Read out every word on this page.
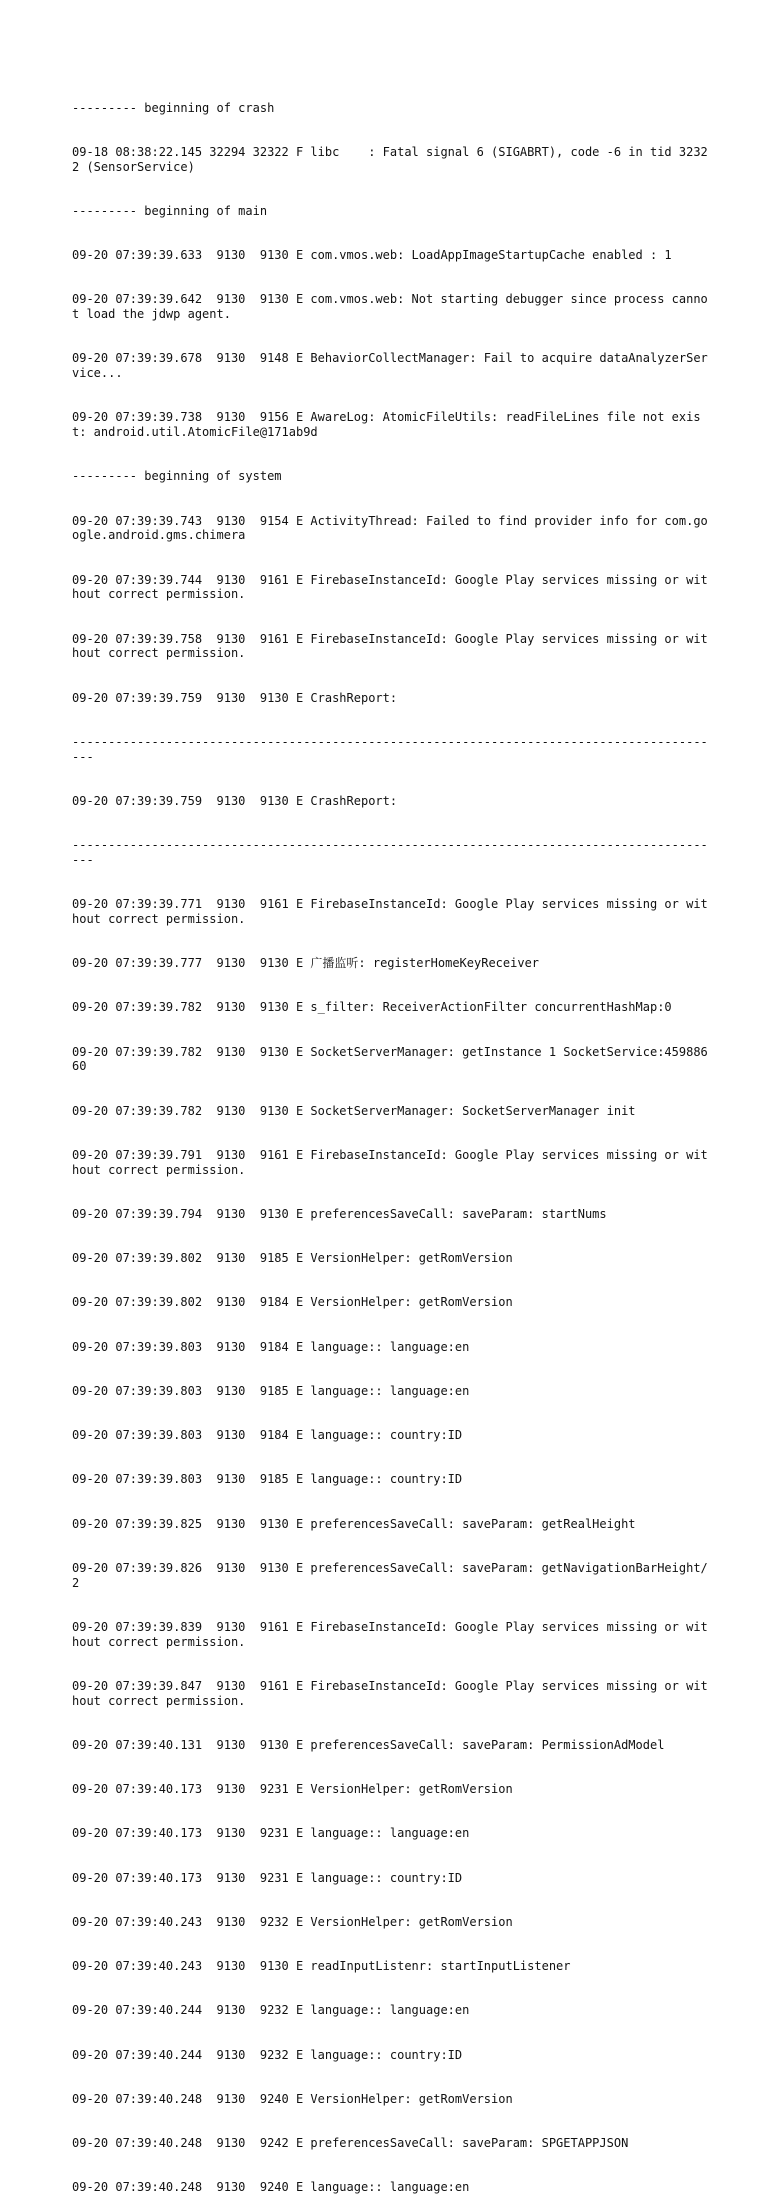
--------- beginning of crash

09-18 08:38:22.145 32294 32322 F libc    : Fatal signal 6 (SIGABRT), code -6 in tid 32322 (SensorService)

--------- beginning of main

09-20 07:39:39.633  9130  9130 E com.vmos.web: LoadAppImageStartupCache enabled : 1

09-20 07:39:39.642  9130  9130 E com.vmos.web: Not starting debugger since process cannot load the jdwp agent.

09-20 07:39:39.678  9130  9148 E BehaviorCollectManager: Fail to acquire dataAnalyzerService...

09-20 07:39:39.738  9130  9156 E AwareLog: AtomicFileUtils: readFileLines file not exist: android.util.AtomicFile@171ab9d

--------- beginning of system

09-20 07:39:39.743  9130  9154 E ActivityThread: Failed to find provider info for com.google.android.gms.chimera

09-20 07:39:39.744  9130  9161 E FirebaseInstanceId: Google Play services missing or without correct permission.

09-20 07:39:39.758  9130  9161 E FirebaseInstanceId: Google Play services missing or without correct permission.

09-20 07:39:39.759  9130  9130 E CrashReport:

-------------------------------------------------------------------------------------------

09-20 07:39:39.759  9130  9130 E CrashReport:

-------------------------------------------------------------------------------------------

09-20 07:39:39.771  9130  9161 E FirebaseInstanceId: Google Play services missing or without correct permission.

09-20 07:39:39.777  9130  9130 E 广播监听: registerHomeKeyReceiver

09-20 07:39:39.782  9130  9130 E s_filter: ReceiverActionFilter concurrentHashMap:0

09-20 07:39:39.782  9130  9130 E SocketServerManager: getInstance 1 SocketService:45988660

09-20 07:39:39.782  9130  9130 E SocketServerManager: SocketServerManager init

09-20 07:39:39.791  9130  9161 E FirebaseInstanceId: Google Play services missing or without correct permission.

09-20 07:39:39.794  9130  9130 E preferencesSaveCall: saveParam: startNums

09-20 07:39:39.802  9130  9185 E VersionHelper: getRomVersion

09-20 07:39:39.802  9130  9184 E VersionHelper: getRomVersion

09-20 07:39:39.803  9130  9184 E language:: language:en

09-20 07:39:39.803  9130  9185 E language:: language:en

09-20 07:39:39.803  9130  9184 E language:: country:ID

09-20 07:39:39.803  9130  9185 E language:: country:ID

09-20 07:39:39.825  9130  9130 E preferencesSaveCall: saveParam: getRealHeight

09-20 07:39:39.826  9130  9130 E preferencesSaveCall: saveParam: getNavigationBarHeight/2

09-20 07:39:39.839  9130  9161 E FirebaseInstanceId: Google Play services missing or without correct permission.

09-20 07:39:39.847  9130  9161 E FirebaseInstanceId: Google Play services missing or without correct permission.

09-20 07:39:40.131  9130  9130 E preferencesSaveCall: saveParam: PermissionAdModel

09-20 07:39:40.173  9130  9231 E VersionHelper: getRomVersion

09-20 07:39:40.173  9130  9231 E language:: language:en

09-20 07:39:40.173  9130  9231 E language:: country:ID

09-20 07:39:40.243  9130  9232 E VersionHelper: getRomVersion

09-20 07:39:40.243  9130  9130 E readInputListenr: startInputListener

09-20 07:39:40.244  9130  9232 E language:: language:en

09-20 07:39:40.244  9130  9232 E language:: country:ID

09-20 07:39:40.248  9130  9240 E VersionHelper: getRomVersion

09-20 07:39:40.248  9130  9242 E preferencesSaveCall: saveParam: SPGETAPPJSON

09-20 07:39:40.248  9130  9240 E language:: language:en
